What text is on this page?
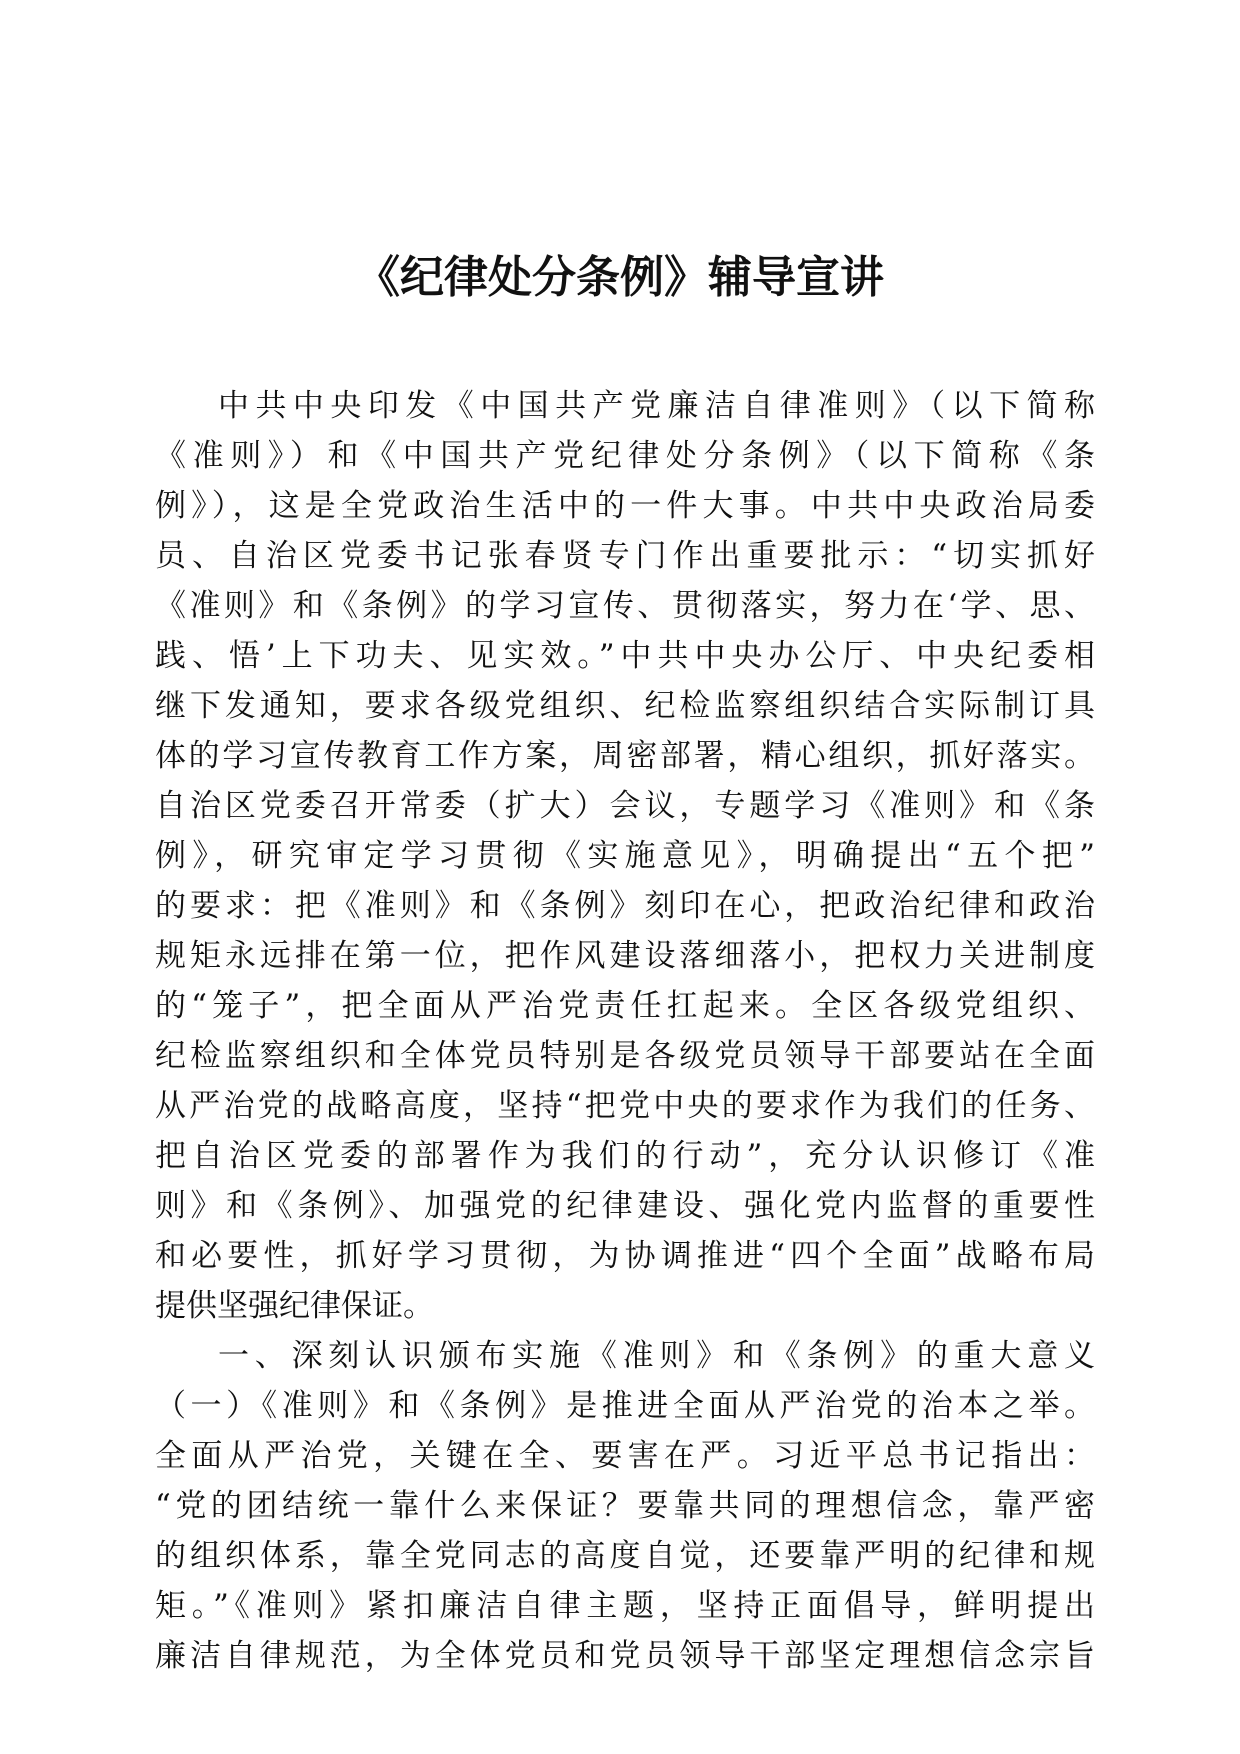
《纪律处分条例》辅导宣讲
中共中央印发《中国共产党廉洁自律准则》（以下简称
《准则》）和《中国共产党纪律处分条例》（以下简称《条
例》），这是全党政治生活中的一件大事。中共中央政治局委
员、自治区党委书记张春贤专门作出重要批示：“切实抓好
《准则》和《条例》的学习宣传、贯彻落实，努力在‘学、思、
践、悟’上下功夫、见实效。”中共中央办公厅、中央纪委相
继下发通知，要求各级党组织、纪检监察组织结合实际制订具
体的学习宣传教育工作方案，周密部署，精心组织，抓好落实。
自治区党委召开常委（扩大）会议，专题学习《准则》和《条
例》，研究审定学习贯彻《实施意见》，明确提出“五个把”
的要求：把《准则》和《条例》刻印在心，把政治纪律和政治
规矩永远排在第一位，把作风建设落细落小，把权力关进制度
的“笼子”，把全面从严治党责任扛起来。全区各级党组织、
纪检监察组织和全体党员特别是各级党员领导干部要站在全面
从严治党的战略高度，坚持“把党中央的要求作为我们的任务、
把自治区党委的部署作为我们的行动”，充分认识修订《准
则》和《条例》、加强党的纪律建设、强化党内监督的重要性
和必要性，抓好学习贯彻，为协调推进“四个全面”战略布局
提供坚强纪律保证。
一、深刻认识颁布实施《准则》和《条例》的重大意义
（一）《准则》和《条例》是推进全面从严治党的治本之举。
全面从严治党，关键在全、要害在严。习近平总书记指出：
“党的团结统一靠什么来保证？要靠共同的理想信念，靠严密
的组织体系，靠全党同志的高度自觉，还要靠严明的纪律和规
矩。”《准则》紧扣廉洁自律主题，坚持正面倡导，鲜明提出
廉洁自律规范，为全体党员和党员领导干部坚定理想信念宗旨
